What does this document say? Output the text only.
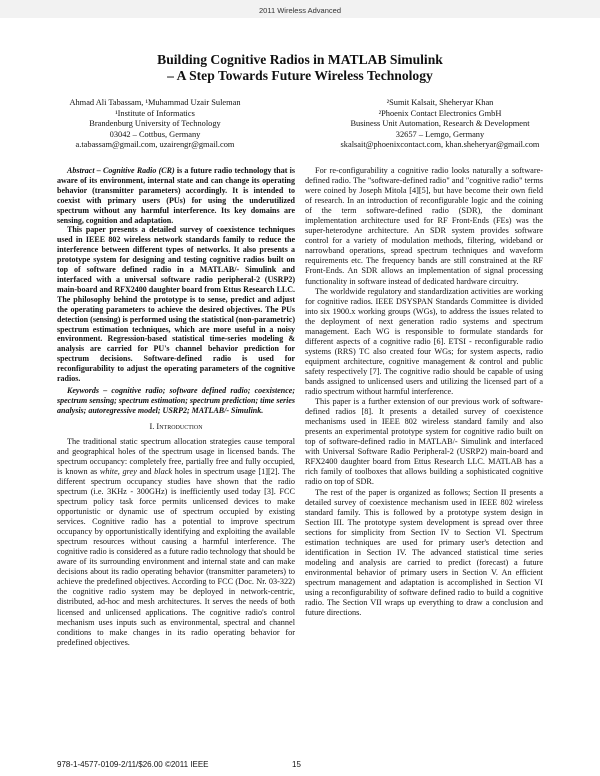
2011 Wireless Advanced
Building Cognitive Radios in MATLAB Simulink
– A Step Towards Future Wireless Technology
Ahmad Ali Tabassam, ¹Muhammad Uzair Suleman
¹Institute of Informatics
Brandenburg University of Technology
03042 – Cottbus, Germany
a.tabassam@gmail.com, uzairengr@gmail.com
²Sumit Kalsait, Sheheryar Khan
²Phoenix Contact Electronics GmbH
Business Unit Automation, Research & Development
32657 – Lemgo, Germany
skalsait@phoenixcontact.com, khan.sheheryar@gmail.com

Abstract – Cognitive Radio (CR) is a future radio technology that is aware of its environment, internal state and can change its operating behavior (transmitter parameters) accordingly. It is intended to coexist with primary users (PUs) for using the underutilized spectrum without any harmful interference. Its key domains are sensing, cognition and adaptation.

This paper presents a detailed survey of coexistence techniques used in IEEE 802 wireless network standards family to reduce the interference between different types of networks. It also presents a prototype system for designing and testing cognitive radios built on top of software defined radio in a MATLAB/- Simulink and interfaced with a universal software radio peripheral-2 (USRP2) main-board and RFX2400 daughter board from Ettus Research LLC. The philosophy behind the prototype is to sense, predict and adjust the operating parameters to achieve the desired objectives. The PUs detection (sensing) is performed using the statistical (non-parametric) spectrum estimation techniques, which are more useful in a noisy environment. Regression-based statistical time-series modeling & analysis are carried for PU's channel behavior prediction for spectrum decisions. Software-defined radio is used for reconfigurability to adjust the operating parameters of the cognitive radios.

Keywords – cognitive radio; software defined radio; coexistence; spectrum sensing; spectrum estimation; spectrum prediction; time series analysis; autoregressive model; USRP2; MATLAB/- Simulink.

I. Introduction

The traditional static spectrum allocation strategies cause temporal and geographical holes of the spectrum usage in licensed bands. The spectrum occupancy: completely free, partially free and fully occupied, is known as white, grey and black holes in spectrum usage [1][2]. The different spectrum occupancy studies have shown that the radio spectrum (i.e. 3KHz - 300GHz) is inefficiently used today [3]. FCC spectrum policy task force permits unlicensed devices to make opportunistic or dynamic use of spectrum occupied by existing services. Cognitive radio has a potential to improve spectrum occupancy by opportunistically identifying and exploiting the available spectrum resources without causing a harmful interference. The cognitive radio is considered as a future radio technology that should be aware of its surrounding environment and internal state and can make decisions about its radio operating behavior (transmitter parameters) to achieve the predefined objectives. According to FCC (Doc. Nr. 03-322) the cognitive radio system may be deployed in network-centric, distributed, ad-hoc and mesh architectures. It serves the needs of both licensed and unlicensed applications. The cognitive radio's control mechanism uses inputs such as environmental, spectral and channel conditions to make changes in its radio operating behavior for predefined objectives.

For re-configurability a cognitive radio looks naturally a software-defined radio. The "software-defined radio" and "cognitive radio" terms were coined by Joseph Mitola [4][5], but have become their own field of research. In an introduction of reconfigurable logic and the coining of the term software-defined radio (SDR), the dominant implementation architecture used for RF Front-Ends (FEs) was the super-heterodyne architecture. An SDR system provides software control for a variety of modulation methods, filtering, wideband or narrowband operations, spread spectrum techniques and waveform requirements etc. The frequency bands are still constrained at the RF Front-Ends. An SDR allows an implementation of signal processing functionality in software instead of dedicated hardware circuitry.

The worldwide regulatory and standardization activities are working for cognitive radios. IEEE DSYSPAN Standards Committee is divided into six 1900.x working groups (WGs), to address the issues related to the deployment of next generation radio systems and spectrum management. Each WG is responsible to formulate standards for different aspects of a cognitive radio [6]. ETSI - reconfigurable radio systems (RRS) TC also created four WGs; for system aspects, radio equipment architecture, cognitive management & control and public safety respectively [7]. The cognitive radio should be capable of using bands assigned to unlicensed users and utilizing the licensed part of a radio spectrum without harmful interference.

This paper is a further extension of our previous work of software-defined radios [8]. It presents a detailed survey of coexistence mechanisms used in IEEE 802 wireless standard family and also presents an experimental prototype system for cognitive radio built on top of software-defined radio in MATLAB/- Simulink and interfaced with Universal Software Radio Peripheral-2 (USRP2) main-board and RFX2400 daughter board from Ettus Research LLC. MATLAB has a rich family of toolboxes that allows building a sophisticated cognitive radio on top of SDR.

The rest of the paper is organized as follows; Section II presents a detailed survey of coexistence mechanism used in IEEE 802 wireless standard family. This is followed by a prototype system design in Section III. The prototype system development is spread over three sections for simplicity from Section IV to Section VI. Spectrum estimation techniques are used for primary user's detection and identification in Section IV. The advanced statistical time series modeling and analysis are carried to predict (forecast) a future environmental behavior of primary users in Section V. An efficient spectrum management and adaptation is accomplished in Section VI using a reconfigurability of software defined radio to build a cognitive radio. The Section VII wraps up everything to draw a conclusion and future directions.

978-1-4577-0109-2/11/$26.00 ©2011 IEEE	15
